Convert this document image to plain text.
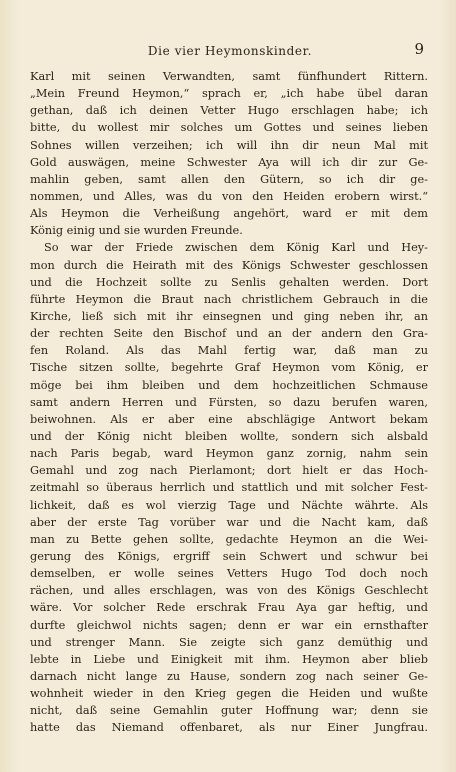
Die vier Heymonskinder.	9
Karl mit seinen Verwandten, samt fünfhundert Rittern.
„Mein Freund Heymon,“ sprach er, „ich habe übel daran
gethan, daß ich deinen Vetter Hugo erschlagen habe; ich
bitte, du wollest mir solches um Gottes und seines lieben
Sohnes willen verzeihen; ich will ihn dir neun Mal mit
Gold auswägen, meine Schwester Aya will ich dir zur Ge-
mahlin geben, samt allen den Gütern, so ich dir ge-
nommen, und Alles, was du von den Heiden erobern wirst.“
Als Heymon die Verheißung angehört, ward er mit dem
König einig und sie wurden Freunde.
So war der Friede zwischen dem König Karl und Hey-
mon durch die Heirath mit des Königs Schwester geschlossen
und die Hochzeit sollte zu Senlis gehalten werden. Dort
führte Heymon die Braut nach christlichem Gebrauch in die
Kirche, ließ sich mit ihr einsegnen und ging neben ihr, an
der rechten Seite den Bischof und an der andern den Gra-
fen Roland. Als das Mahl fertig war, daß man zu
Tische sitzen sollte, begehrte Graf Heymon vom König, er
möge bei ihm bleiben und dem hochzeitlichen Schmause
samt andern Herren und Fürsten, so dazu berufen waren,
beiwohnen. Als er aber eine abschlägige Antwort bekam
und der König nicht bleiben wollte, sondern sich alsbald
nach Paris begab, ward Heymon ganz zornig, nahm sein
Gemahl und zog nach Pierlamont; dort hielt er das Hoch-
zeitmahl so überaus herrlich und stattlich und mit solcher Fest-
lichkeit, daß es wol vierzig Tage und Nächte währte. Als
aber der erste Tag vorüber war und die Nacht kam, daß
man zu Bette gehen sollte, gedachte Heymon an die Wei-
gerung des Königs, ergriff sein Schwert und schwur bei
demselben, er wolle seines Vetters Hugo Tod doch noch
rächen, und alles erschlagen, was von des Königs Geschlecht
wäre. Vor solcher Rede erschrak Frau Aya gar heftig, und
durfte gleichwol nichts sagen; denn er war ein ernsthafter
und strenger Mann. Sie zeigte sich ganz demüthig und
lebte in Liebe und Einigkeit mit ihm. Heymon aber blieb
darnach nicht lange zu Hause, sondern zog nach seiner Ge-
wohnheit wieder in den Krieg gegen die Heiden und wußte
nicht, daß seine Gemahlin guter Hoffnung war; denn sie
hatte das Niemand offenbaret, als nur Einer Jungfrau.
